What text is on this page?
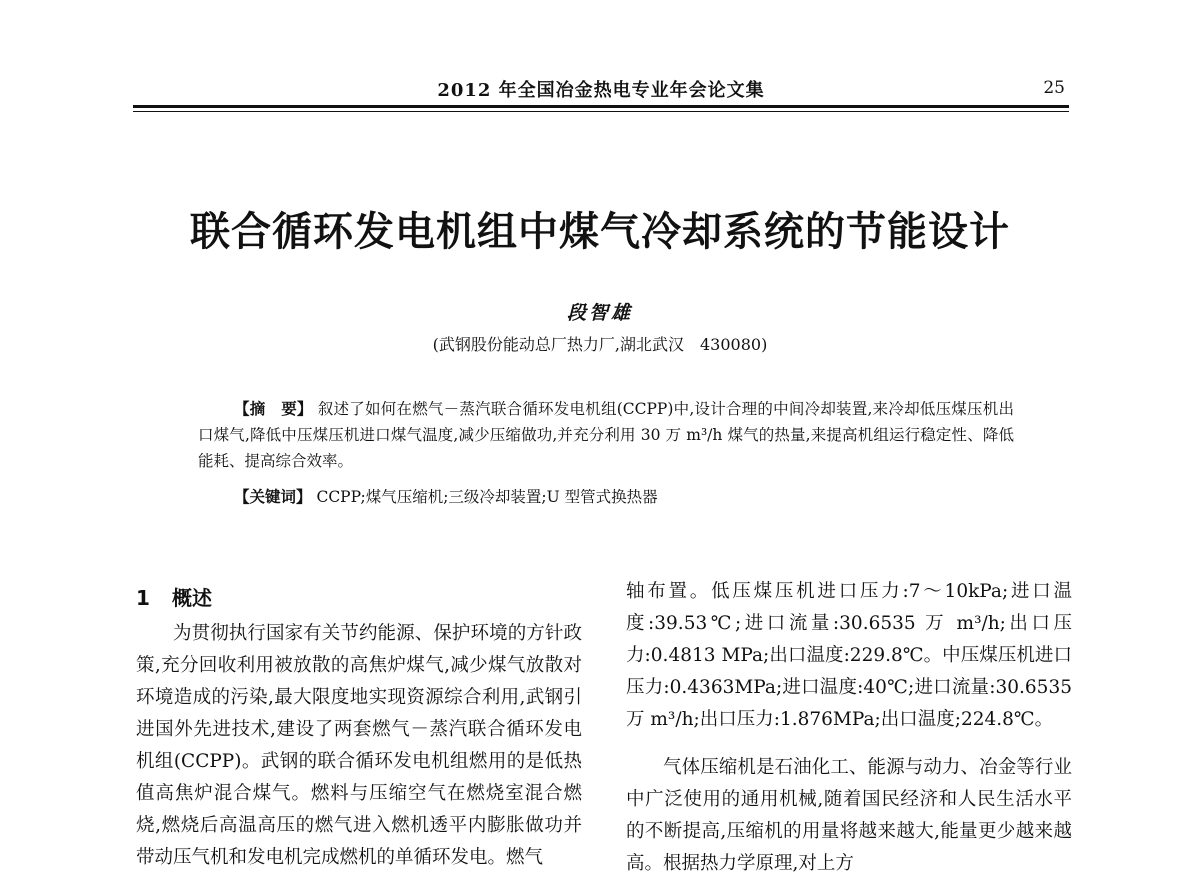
2012 年全国冶金热电专业年会论文集	25
联合循环发电机组中煤气冷却系统的节能设计
段智雄
(武钢股份能动总厂热力厂,湖北武汉　430080)
【摘　要】 叙述了如何在燃气－蒸汽联合循环发电机组(CCPP)中,设计合理的中间冷却装置,来冷却低压煤压机出口煤气,降低中压煤压机进口煤气温度,减少压缩做功,并充分利用 30 万 m³/h 煤气的热量,来提高机组运行稳定性、降低能耗、提高综合效率。
【关键词】 CCPP;煤气压缩机;三级冷却装置;U 型管式换热器
1 概述

为贯彻执行国家有关节约能源、保护环境的方针政策,充分回收利用被放散的高焦炉煤气,减少煤气放散对环境造成的污染,最大限度地实现资源综合利用,武钢引进国外先进技术,建设了两套燃气－蒸汽联合循环发电机组(CCPP)。武钢的联合循环发电机组燃用的是低热值高焦炉混合煤气。燃料与压缩空气在燃烧室混合燃烧,燃烧后高温高压的燃气进入燃机透平内膨胀做功并带动压气机和发电机完成燃机的单循环发电。燃气

轴布置。低压煤压机进口压力:7～10kPa;进口温度:39.53℃;进口流量:30.6535 万 m³/h;出口压力:0.4813 MPa;出口温度:229.8℃。中压煤压机进口压力:0.4363MPa;进口温度:40℃;进口流量:30.6535 万 m³/h;出口压力:1.876MPa;出口温度;224.8℃。

气体压缩机是石油化工、能源与动力、冶金等行业中广泛使用的通用机械,随着国民经济和人民生活水平的不断提高,压缩机的用量将越来越大,能量更少越来越高。根据热力学原理,对上方
